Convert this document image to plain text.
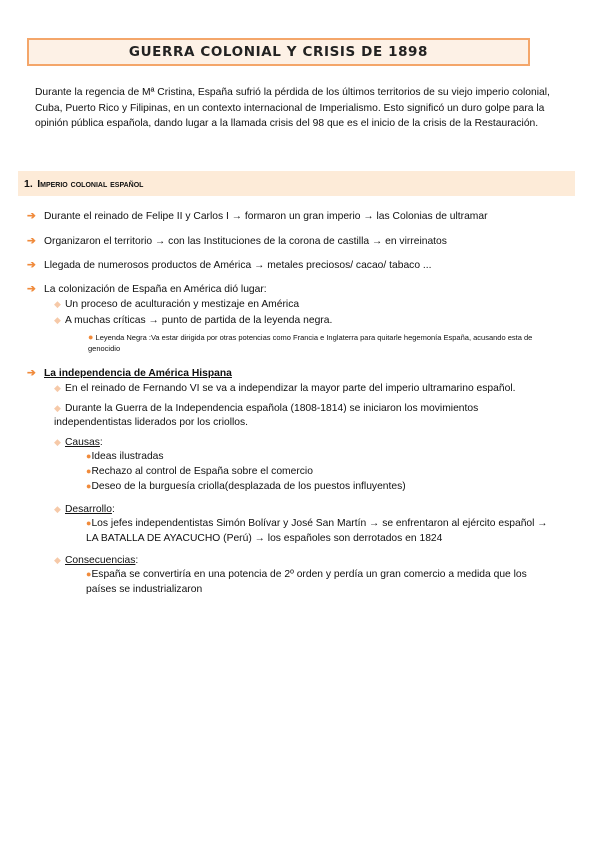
GUERRA COLONIAL Y CRISIS DE 1898
Durante la regencia de Mª Cristina, España sufrió la pérdida de los últimos territorios de su viejo imperio colonial, Cuba, Puerto Rico y Filipinas, en un contexto internacional de Imperialismo. Esto significó un duro golpe para la opinión pública española, dando lugar a la llamada crisis del 98 que es el inicio de la crisis de la Restauración.
1.
Imperio colonial español
➔ Durante el reinado de Felipe II y Carlos I → formaron un gran imperio → las Colonias de ultramar
➔ Organizaron el territorio → con las Instituciones de la corona de castilla → en virreinatos
➔ Llegada de numerosos productos de América → metales preciosos/ cacao/ tabaco ...
➔ La colonización de España en América dió lugar:
◆ Un proceso de aculturación y mestizaje en América
◆ A muchas críticas → punto de partida de la leyenda negra.
● Leyenda Negra :Va estar dirigida por otras potencias como Francia e Inglaterra para quitarle hegemonía España, acusando esta de genocidio
➔ La independencia de América Hispana
◆ En el reinado de Fernando VI se va a independizar la mayor parte del imperio ultramarino español.
◆ Durante la Guerra de la Independencia española (1808-1814) se iniciaron los movimientos independentistas liderados por los criollos.
◆ Causas:
●Ideas ilustradas
●Rechazo al control de España sobre el comercio
●Deseo de la burguesía criolla(desplazada de los puestos influyentes)
◆ Desarrollo:
●Los jefes independentistas Simón Bolívar y José San Martín → se enfrentaron al ejército español → LA BATALLA DE AYACUCHO (Perú) → los españoles son derrotados en 1824
◆ Consecuencias:
●España se convertiría en una potencia de 2º orden y perdía un gran comercio a medida que los países se industrializaron
